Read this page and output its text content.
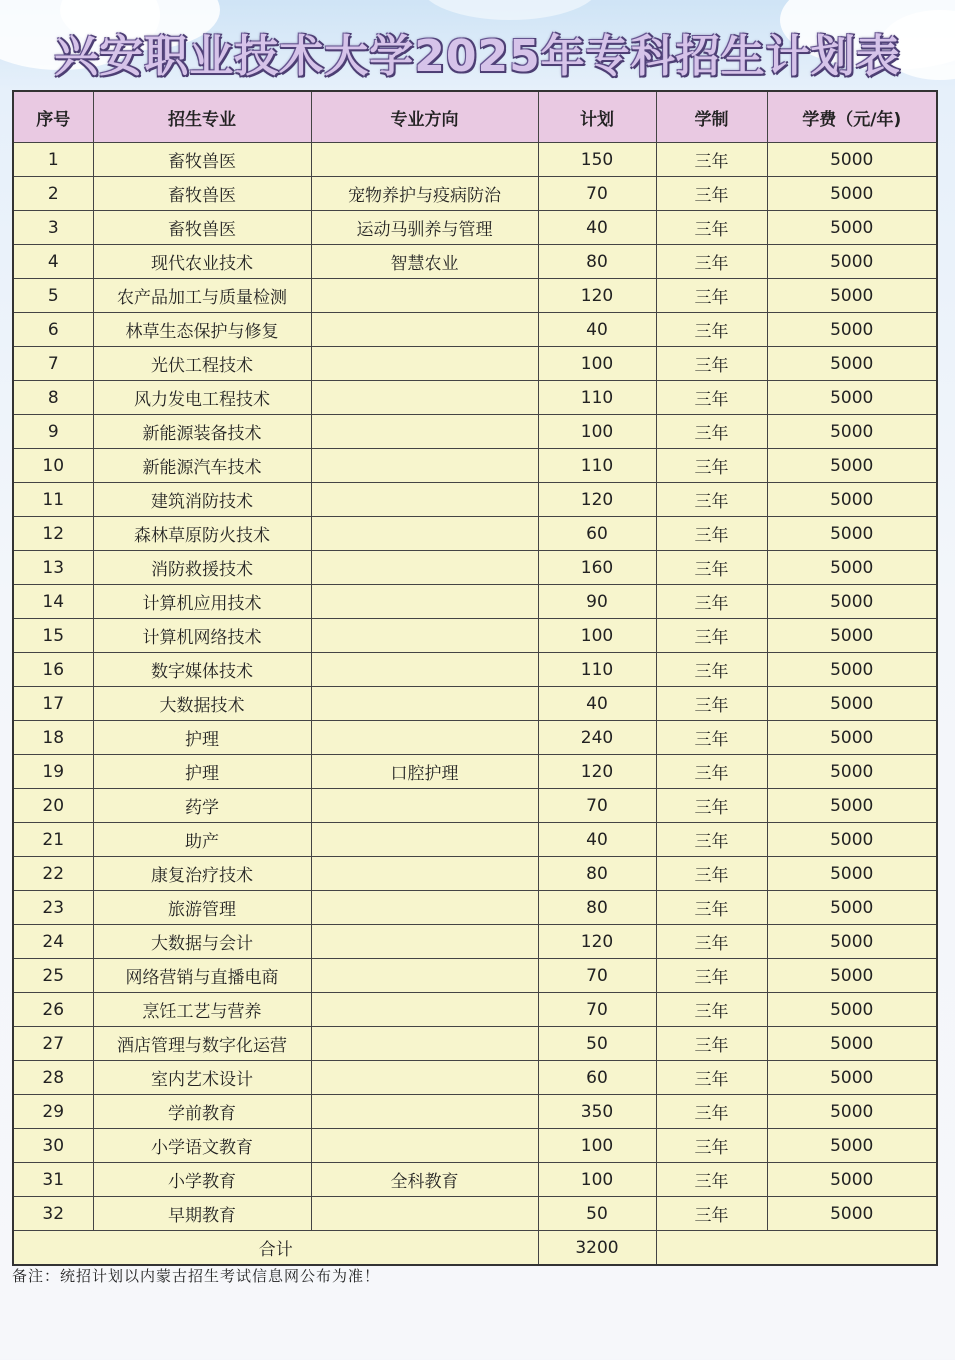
兴安职业技术大学2025年专科招生计划表
序号	招生专业	专业方向	计划	学制	学费（元/年)
1	畜牧兽医		150	三年	5000
2	畜牧兽医	宠物养护与疫病防治	70	三年	5000
3	畜牧兽医	运动马驯养与管理	40	三年	5000
4	现代农业技术	智慧农业	80	三年	5000
5	农产品加工与质量检测		120	三年	5000
6	林草生态保护与修复		40	三年	5000
7	光伏工程技术		100	三年	5000
8	风力发电工程技术		110	三年	5000
9	新能源装备技术		100	三年	5000
10	新能源汽车技术		110	三年	5000
11	建筑消防技术		120	三年	5000
12	森林草原防火技术		60	三年	5000
13	消防救援技术		160	三年	5000
14	计算机应用技术		90	三年	5000
15	计算机网络技术		100	三年	5000
16	数字媒体技术		110	三年	5000
17	大数据技术		40	三年	5000
18	护理		240	三年	5000
19	护理	口腔护理	120	三年	5000
20	药学		70	三年	5000
21	助产		40	三年	5000
22	康复治疗技术		80	三年	5000
23	旅游管理		80	三年	5000
24	大数据与会计		120	三年	5000
25	网络营销与直播电商		70	三年	5000
26	烹饪工艺与营养		70	三年	5000
27	酒店管理与数字化运营		50	三年	5000
28	室内艺术设计		60	三年	5000
29	学前教育		350	三年	5000
30	小学语文教育		100	三年	5000
31	小学教育	全科教育	100	三年	5000
32	早期教育		50	三年	5000
合计			3200		
备注：统招计划以内蒙古招生考试信息网公布为准！
